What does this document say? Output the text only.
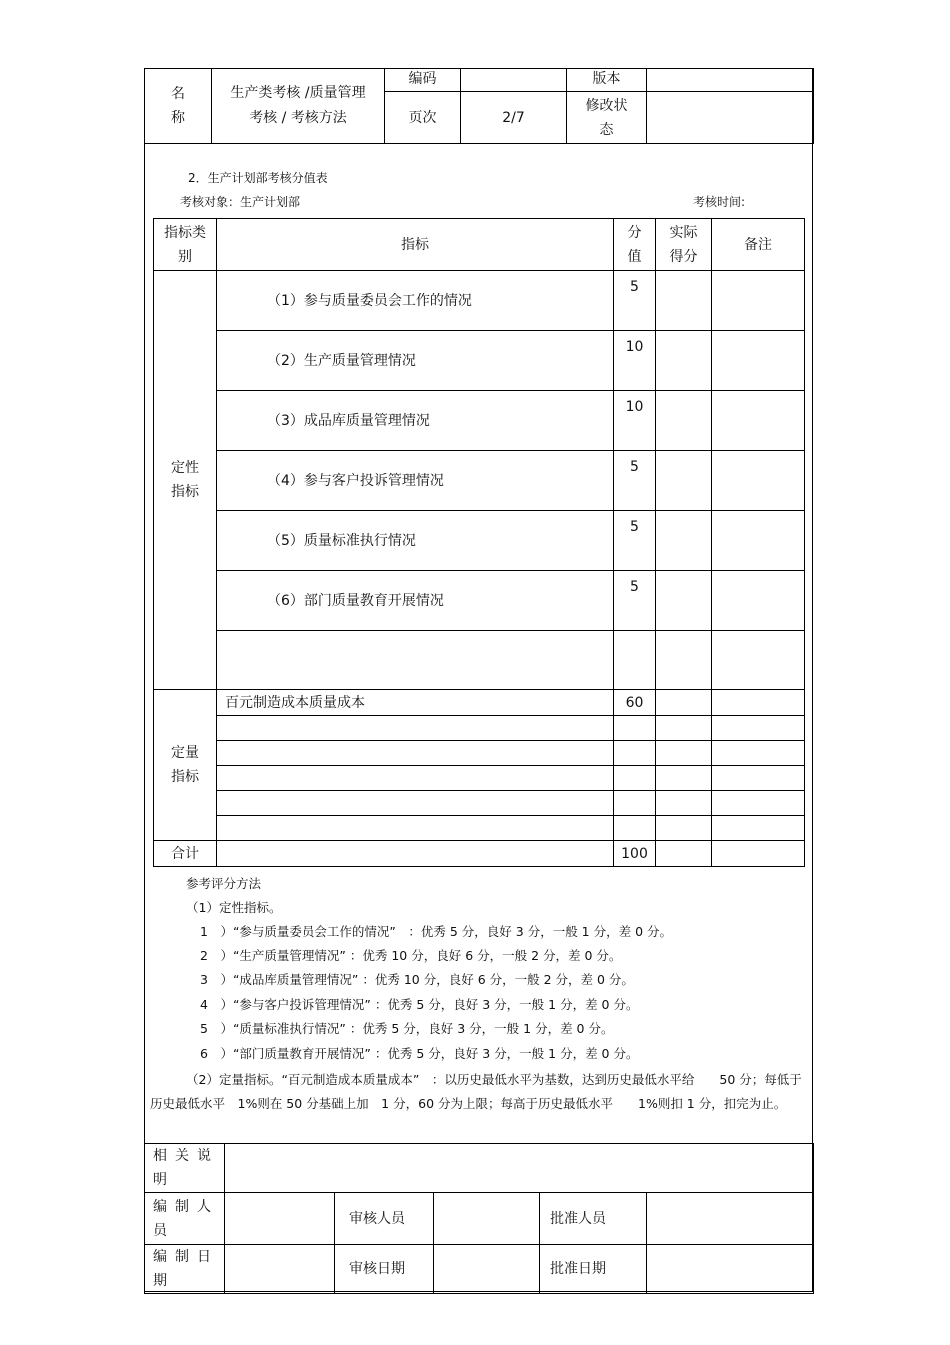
名
称	生产类考核 /质量管理考核 / 考核方法	编码		版本	
		页次	2/7	修改状态	
2．生产计划部考核分值表
考核对象：生产计划部	考核时间:
指标类别	指标	分值	实际得分	备注
定性指标	（1）参与质量委员会工作的情况	5		
	（2）生产质量管理情况	10		
	（3）成品库质量管理情况	10		
	（4）参与客户投诉管理情况	5		
	（5）质量标准执行情况	5		
	（6）部门质量教育开展情况	5		

定量指标	百元制造成本质量成本	60		

合计		100		
参考评分方法
（1）定性指标。
1　）“参与质量委员会工作的情况”　：优秀 5 分，良好 3 分，一般 1 分，差 0 分。
2　）“生产质量管理情况” ：优秀 10 分，良好 6 分，一般 2 分，差 0 分。
3　）“成品库质量管理情况” ：优秀 10 分，良好 6 分，一般 2 分，差 0 分。
4　）“参与客户投诉管理情况” ：优秀 5 分，良好 3 分，一般 1 分，差 0 分。
5　）“质量标准执行情况” ：优秀 5 分，良好 3 分，一般 1 分，差 0 分。
6　）“部门质量教育开展情况” ：优秀 5 分，良好 3 分，一般 1 分，差 0 分。
（2）定量指标。“百元制造成本质量成本”　：以历史最低水平为基数，达到历史最低水平给　　50 分；每低于历史最低水平　1%则在 50 分基础上加　1 分，60 分为上限；每高于历史最低水平　　1%则扣 1 分，扣完为止。
相关说明					
编制人员		审核人员		批准人员	
编制日期		审核日期		批准日期	
